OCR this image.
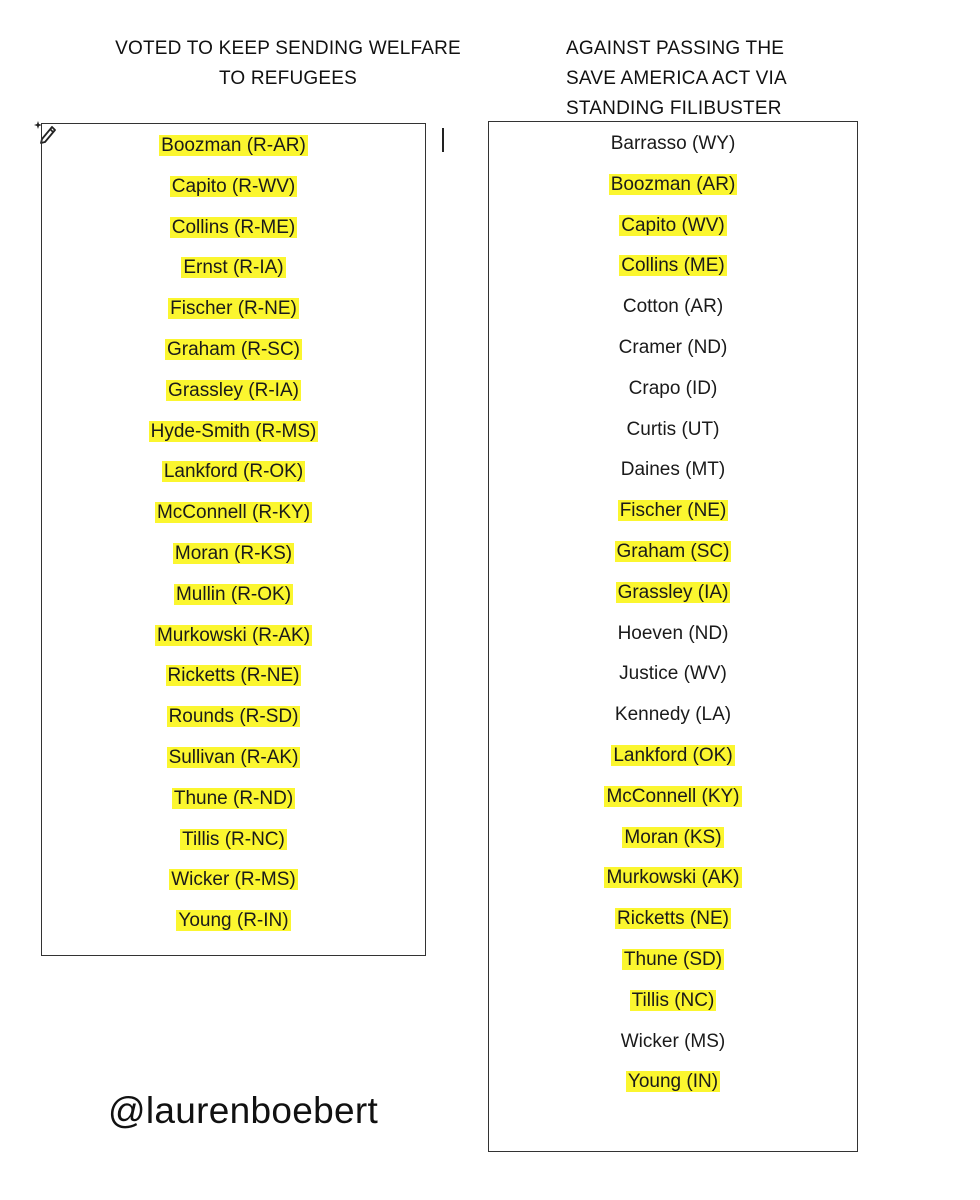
VOTED TO KEEP SENDING WELFARE
TO REFUGEES
AGAINST PASSING THE
SAVE AMERICA ACT VIA
STANDING FILIBUSTER
Boozman (R-AR)
Capito (R-WV)
Collins (R-ME)
Ernst (R-IA)
Fischer (R-NE)
Graham (R-SC)
Grassley (R-IA)
Hyde-Smith (R-MS)
Lankford (R-OK)
McConnell (R-KY)
Moran (R-KS)
Mullin (R-OK)
Murkowski (R-AK)
Ricketts (R-NE)
Rounds (R-SD)
Sullivan (R-AK)
Thune (R-ND)
Tillis (R-NC)
Wicker (R-MS)
Young (R-IN)
Barrasso (WY)
Boozman (AR)
Capito (WV)
Collins (ME)
Cotton (AR)
Cramer (ND)
Crapo (ID)
Curtis (UT)
Daines (MT)
Fischer (NE)
Graham (SC)
Grassley (IA)
Hoeven (ND)
Justice (WV)
Kennedy (LA)
Lankford (OK)
McConnell (KY)
Moran (KS)
Murkowski (AK)
Ricketts (NE)
Thune (SD)
Tillis (NC)
Wicker (MS)
Young (IN)
@laurenboebert
